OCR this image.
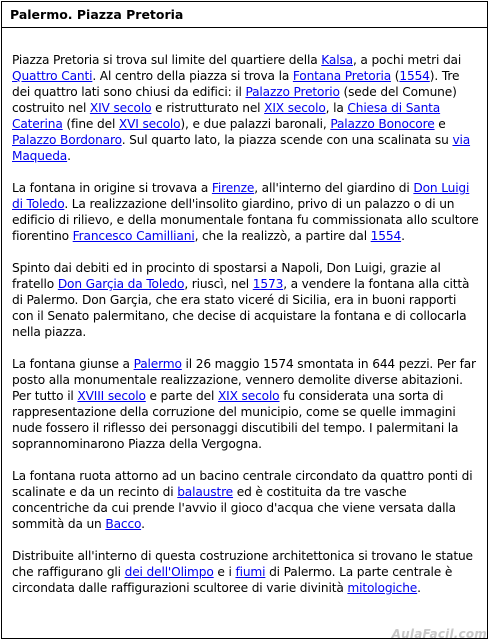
Palermo. Piazza Pretoria

Piazza Pretoria si trova sul limite del quartiere della Kalsa, a pochi metri dai Quattro Canti. Al centro della piazza si trova la Fontana Pretoria (1554). Tre dei quattro lati sono chiusi da edifici: il Palazzo Pretorio (sede del Comune) costruito nel XIV secolo e ristrutturato nel XIX secolo, la Chiesa di Santa Caterina (fine del XVI secolo), e due palazzi baronali, Palazzo Bonocore e Palazzo Bordonaro. Sul quarto lato, la piazza scende con una scalinata su via Maqueda.

La fontana in origine si trovava a Firenze, all'interno del giardino di Don Luigi di Toledo. La realizzazione dell'insolito giardino, privo di un palazzo o di un edificio di rilievo, e della monumentale fontana fu commissionata allo scultore fiorentino Francesco Camilliani, che la realizzò, a partire dal 1554.

Spinto dai debiti ed in procinto di spostarsi a Napoli, Don Luigi, grazie al fratello Don Garçia da Toledo, riuscì, nel 1573, a vendere la fontana alla città di Palermo. Don Garçia, che era stato viceré di Sicilia, era in buoni rapporti con il Senato palermitano, che decise di acquistare la fontana e di collocarla nella piazza.

La fontana giunse a Palermo il 26 maggio 1574 smontata in 644 pezzi. Per far posto alla monumentale realizzazione, vennero demolite diverse abitazioni. Per tutto il XVIII secolo e parte del XIX secolo fu considerata una sorta di rappresentazione della corruzione del municipio, come se quelle immagini nude fossero il riflesso dei personaggi discutibili del tempo. I palermitani la soprannominarono Piazza della Vergogna.

La fontana ruota attorno ad un bacino centrale circondato da quattro ponti di scalinate e da un recinto di balaustre ed è costituita da tre vasche concentriche da cui prende l'avvio il gioco d'acqua che viene versata dalla sommità da un Bacco.

Distribuite all'interno di questa costruzione architettonica si trovano le statue che raffigurano gli dei dell'Olimpo e i fiumi di Palermo. La parte centrale è circondata dalle raffigurazioni scultoree di varie divinità mitologiche.

AulaFacil.com
